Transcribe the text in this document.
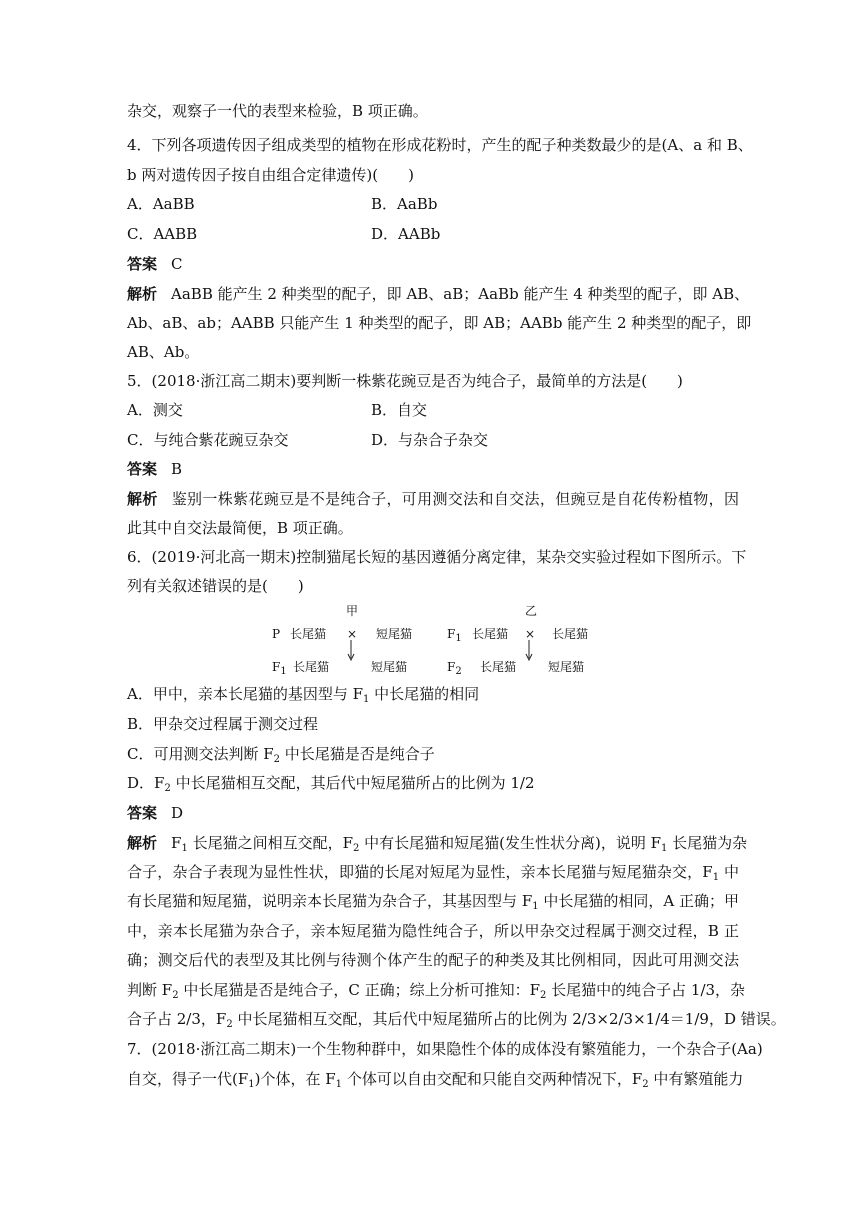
杂交，观察子一代的表型来检验，B 项正确。
4．下列各项遗传因子组成类型的植物在形成花粉时，产生的配子种类数最少的是(A、a 和 B、
b 两对遗传因子按自由组合定律遗传)(　　)
A．AaBB	B．AaBb
C．AABB	D．AABb
答案 C
解析 AaBB 能产生 2 种类型的配子，即 AB、aB；AaBb 能产生 4 种类型的配子，即 AB、
Ab、aB、ab；AABB 只能产生 1 种类型的配子，即 AB；AABb 能产生 2 种类型的配子，即
AB、Ab。
5．(2018·浙江高二期末)要判断一株紫花豌豆是否为纯合子，最简单的方法是(　　)
A．测交	B．自交
C．与纯合紫花豌豆杂交	D．与杂合子杂交
答案 B
解析 鉴别一株紫花豌豆是不是纯合子，可用测交法和自交法，但豌豆是自花传粉植物，因
此其中自交法最简便，B 项正确。
6．(2019·河北高一期末)控制猫尾长短的基因遵循分离定律，某杂交实验过程如下图所示。下
列有关叙述错误的是(　　)
甲
P 长尾猫 × 短尾猫
$F_1$ 长尾猫	短尾猫
乙
$F_1$ 长尾猫 × 长尾猫
$F_2$ 长尾猫	短尾猫
A．甲中，亲本长尾猫的基因型与 $F_1$ 中长尾猫的相同
B．甲杂交过程属于测交过程
C．可用测交法判断 $F_2$ 中长尾猫是否是纯合子
D．$F_2$ 中长尾猫相互交配，其后代中短尾猫所占的比例为 1/2
答案 D
解析 $F_1$ 长尾猫之间相互交配，$F_2$ 中有长尾猫和短尾猫(发生性状分离)，说明 $F_1$ 长尾猫为杂
合子，杂合子表现为显性性状，即猫的长尾对短尾为显性，亲本长尾猫与短尾猫杂交，$F_1$ 中
有长尾猫和短尾猫，说明亲本长尾猫为杂合子，其基因型与 $F_1$ 中长尾猫的相同，A 正确；甲
中，亲本长尾猫为杂合子，亲本短尾猫为隐性纯合子，所以甲杂交过程属于测交过程，B 正
确；测交后代的表型及其比例与待测个体产生的配子的种类及其比例相同，因此可用测交法
判断 $F_2$ 中长尾猫是否是纯合子，C 正确；综上分析可推知：$F_2$ 长尾猫中的纯合子占 1/3，杂
合子占 2/3，$F_2$ 中长尾猫相互交配，其后代中短尾猫所占的比例为 2/3×2/3×1/4＝1/9，D 错误。
7．(2018·浙江高二期末)一个生物种群中，如果隐性个体的成体没有繁殖能力，一个杂合子(Aa)
自交，得子一代$(F_1)$个体，在 $F_1$ 个体可以自由交配和只能自交两种情况下，$F_2$ 中有繁殖能力
